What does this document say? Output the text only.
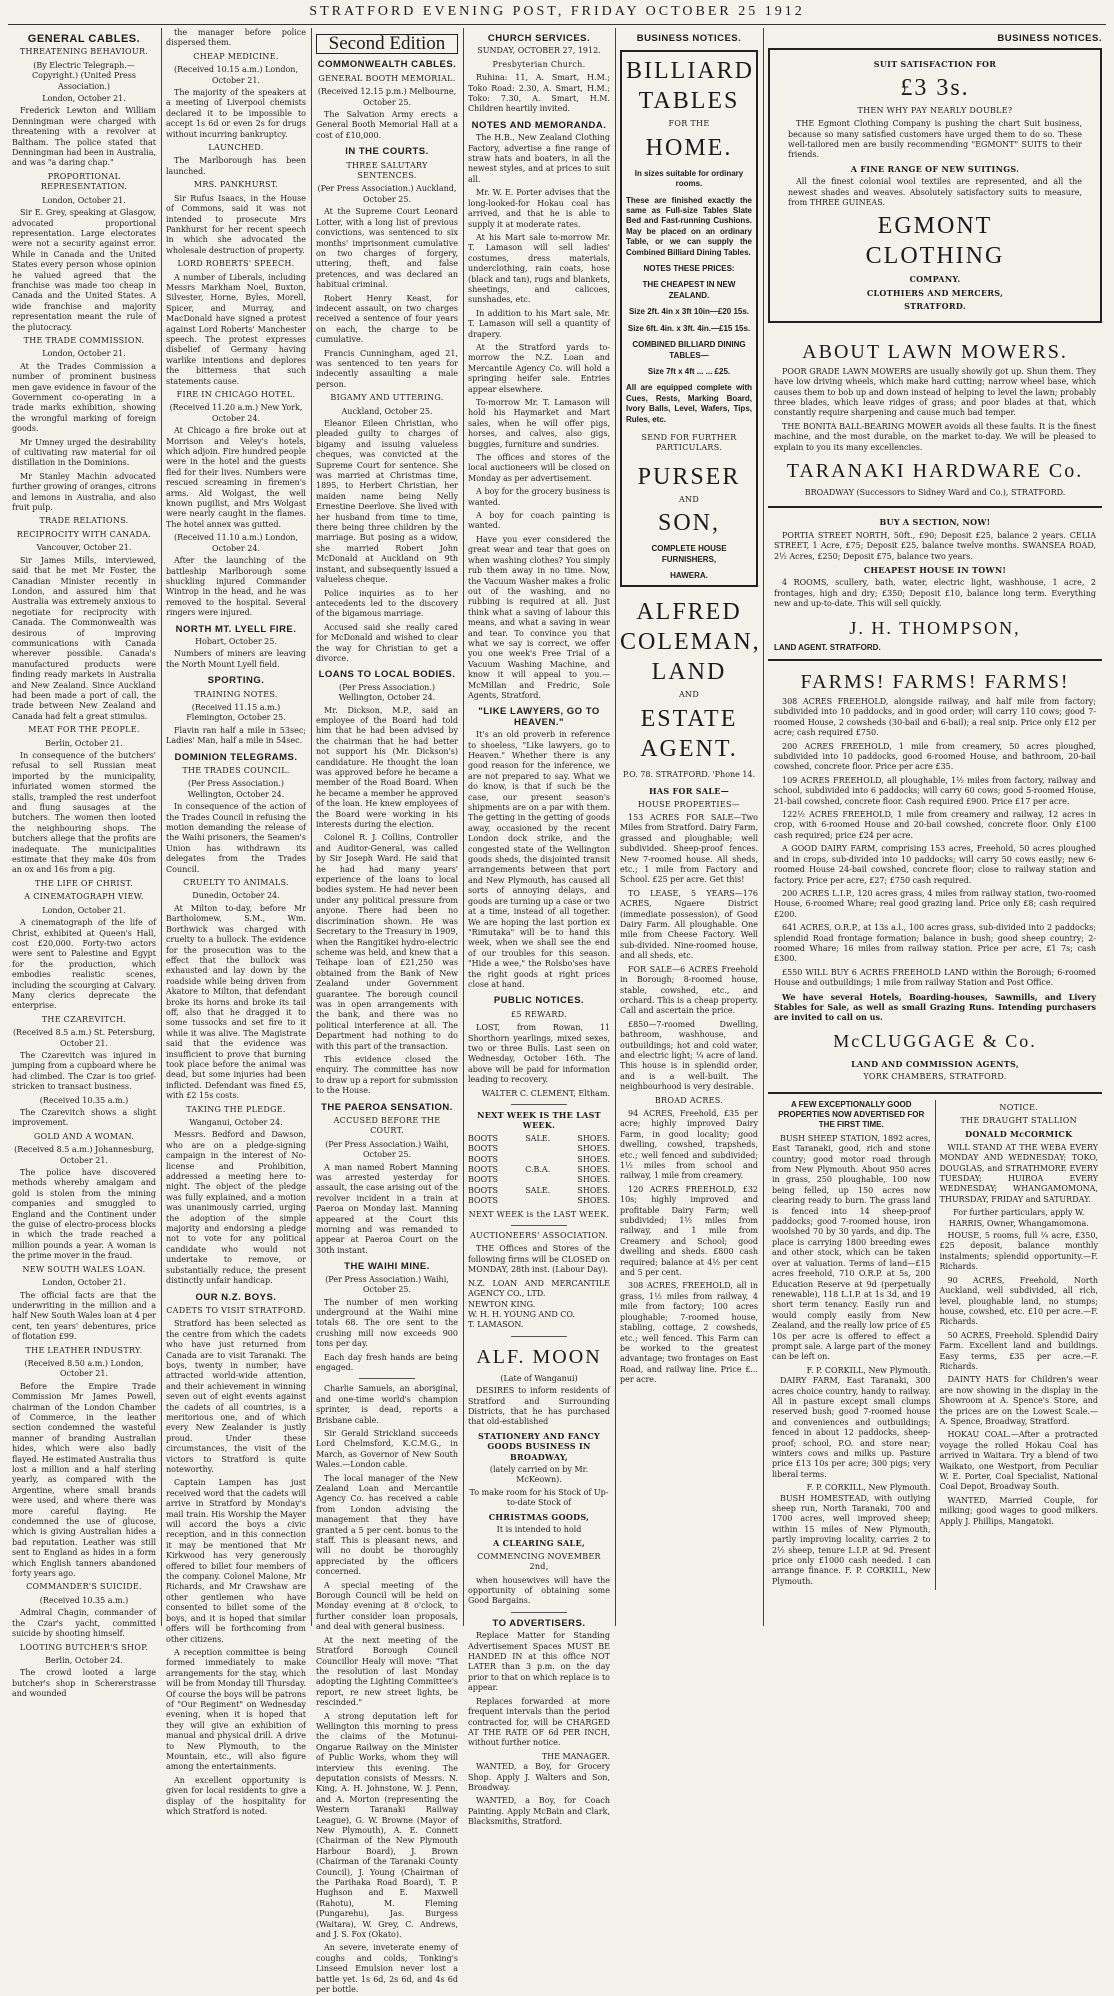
STRATFORD EVENING POST, FRIDAY OCTOBER 25 1912
GENERAL CABLES.
THREATENING BEHAVIOUR.
(By Electric Telegraph.—Copyright.) (United Press Association.)
London, October 21.

Frederick Lewton and William Denningman were charged with threatening with a revolver at Baltham. The police stated that Denningman had been in Australia, and was "a daring chap."

PROPORTIONAL REPRESENTATION.
London, October 21.

Sir E. Grey, speaking at Glasgow, advocated proportional representation. Large electorates were not a security against error. While in Canada and the United States every person whose opinion he valued agreed that the franchise was made too cheap in Canada and the United States. A wide franchise and majority representation meant the rule of the plutocracy.

THE TRADE COMMISSION.
London, October 21.

At the Trades Commission a number of prominent business men gave evidence in favour of the Government co-operating in a trade marks exhibition, showing the wrongful marking of foreign goods.

Mr Umney urged the desirability of cultivating raw material for oil distillation in the Dominions.

Mr Stanley Machin advocated further growing of oranges, citrons and lemons in Australia, and also fruit pulp.

TRADE RELATIONS.
RECIPROCITY WITH CANADA.
Vancouver, October 21.

Sir James Mills, interviewed, said that he met Mr Foster, the Canadian Minister recently in London, and assured him that Australia was extremely anxious to negotiate for reciprocity with Canada. The Commonwealth was desirous of improving communications with Canada wherever possible. Canada's manufactured products were finding ready markets in Australia and New Zealand. Since Auckland had been made a port of call, the trade between New Zealand and Canada had felt a great stimulus.

MEAT FOR THE PEOPLE.
Berlin, October 21.

In consequence of the butchers' refusal to sell Russian meat imported by the municipality, infuriated women stormed the stalls, trampled the rest underfoot and flung sausages at the butchers. The women then looted the neighbouring shops. The butchers allege that the profits are inadequate. The municipalities estimate that they make 40s from an ox and 16s from a pig.

THE LIFE OF CHRIST.
A CINEMATOGRAPH VIEW.
London, October 21.

A cinematograph of the life of Christ, exhibited at Queen's Hall, cost £20,000. Forty-two actors were sent to Palestine and Egypt for the production, which embodies realistic scenes, including the scourging at Calvary. Many clerics deprecate the enterprise.

THE CZAREVITCH.
(Received 8.5 a.m.) St. Petersburg, October 21.

The Czarevitch was injured in jumping from a cupboard where he had climbed. The Czar is too grief-stricken to transact business.

(Received 10.35 a.m.)

The Czarevitch shows a slight improvement.

GOLD AND A WOMAN.
(Received 8.5 a.m.) Johannesburg, October 21.

The police have discovered methods whereby amalgam and gold is stolen from the mining companies and smuggled to England and the Continent under the guise of electro-process blocks in which the trade reached a million pounds a year. A woman is the prime mover in the fraud.

NEW SOUTH WALES LOAN.
London, October 21.

The official facts are that the underwriting in the million and a half New South Wales loan at 4 per cent, ten years' debentures, price of flotation £99.

THE LEATHER INDUSTRY.
(Received 8.50 a.m.) London, October 21.

Before the Empire Trade Commission Mr James Powell, chairman of the London Chamber of Commerce, in the leather section condemned the wasteful manner of branding Australian hides, which were also badly flayed. He estimated Australia thus lost a million and a half sterling yearly, as compared with the Argentine, where small brands were used, and where there was more careful flaying. He condemned the use of glucose, which is giving Australian hides a bad reputation. Leather was still sent to England as hides in a form which English tanners abandoned forty years ago.

COMMANDER'S SUICIDE.
(Received 10.35 a.m.)

Admiral Chagin, commander of the Czar's yacht, committed suicide by shooting himself.

LOOTING BUTCHER'S SHOP.
Berlin, October 24.

The crowd looted a large butcher's shop in Schererstrasse and wounded

the manager before police dispersed them.

CHEAP MEDICINE.
(Received 10.15 a.m.) London, October 21.

The majority of the speakers at a meeting of Liverpool chemists declared it to be impossible to accept 1s 6d or even 2s for drugs without incurring bankruptcy.

LAUNCHED.

The Marlborough has been launched.

MRS. PANKHURST.

Sir Rufus Isaacs, in the House of Commons, said it was not intended to prosecute Mrs Pankhurst for her recent speech in which she advocated the wholesale destruction of property.

LORD ROBERTS' SPEECH.

A number of Liberals, including Messrs Markham Noel, Buxton, Silvester, Horne, Byles, Morell, Spicer, and Murray, and MacDonald have signed a protest against Lord Roberts' Manchester speech. The protest expresses disbelief of Germany having warlike intentions and deplores the bitterness that such statements cause.

FIRE IN CHICAGO HOTEL.
(Received 11.20 a.m.) New York, October 24.

At Chicago a fire broke out at Morrison and Veley's hotels, which adjoin. Fire hundred people were in the hotel and the guests fled for their lives. Numbers were rescued screaming in firemen's arms. Ald Wolgast, the well known pugilist, and Mrs Wolgast were nearly caught in the flames. The hotel annex was gutted.

(Received 11.10 a.m.) London, October 24.

After the launching of the battleship Marlborough some shuckling injured Commander Wintrop in the head, and he was removed to the hospital. Several ringers were injured.

NORTH MT. LYELL FIRE.
Hobart, October 25.

Numbers of miners are leaving the North Mount Lyell field.

SPORTING.
TRAINING NOTES.
(Received 11.15 a.m.) Flemington, October 25.

Flavin ran half a mile in 53sec; Ladies' Man, half a mile in 54sec.

DOMINION TELEGRAMS.
THE TRADES COUNCIL.
(Per Press Association.) Wellington, October 24.

In consequence of the action of the Trades Council in refusing the motion demanding the release of the Waihi prisoners, the Seamen's Union has withdrawn its delegates from the Trades Council.

CRUELTY TO ANIMALS.
Dunedin, October 24.

At Milton to-day, before Mr Bartholomew, S.M., Wm. Borthwick was charged with cruelty to a bullock. The evidence for the prosecution was to the effect that the bullock was exhausted and lay down by the roadside while being driven from Akatore to Milton, that defendant broke its horns and broke its tail off, also that he dragged it to some tussocks and set fire to it while it was alive. The Magistrate said that the evidence was insufficient to prove that burning took place before the animal was dead, but some injuries had been inflicted. Defendant was fined £5, with £2 15s costs.

TAKING THE PLEDGE.
Wanganui, October 24.

Messrs. Bedford and Dawson, who are on a pledge-signing campaign in the interest of No-license and Prohibition, addressed a meeting here to-night. The object of the pledge was fully explained, and a motion was unanimously carried, urging the adoption of the simple majority and endorsing a pledge not to vote for any political candidate who would not undertake to remove, or substantially reduce, the present distinctly unfair handicap.

OUR N.Z. BOYS.
CADETS TO VISIT STRATFORD.

Stratford has been selected as the centre from which the cadets who have just returned from Canada are to visit Taranaki. The boys, twenty in number, have attracted world-wide attention, and their achievement in winning seven out of eight events against the cadets of all countries, is a meritorious one, and of which every New Zealander is justly proud. Under these circumstances, the visit of the victors to Stratford is quite noteworthy.

Captain Lampen has just received word that the cadets will arrive in Stratford by Monday's mail train. His Worship the Mayer will accord the boys a civic reception, and in this connection it may be mentioned that Mr Kirkwood has very generously offered to billet four members of the company. Colonel Malone, Mr Richards, and Mr Crawshaw are other gentlemen who have consented to billet some of the boys, and it is hoped that similar offers will be forthcoming from other citizens.

A reception committee is being formed immediately to make arrangements for the stay, which will be from Monday till Thursday. Of course the boys will be patrons of "Our Regiment" on Wednesday evening, when it is hoped that they will give an exhibition of manual and physical drill. A drive to New Plymouth, to the Mountain, etc., will also figure among the entertainments.

An excellent opportunity is given for local residents to give a display of the hospitality for which Stratford is noted.

Second Edition
COMMONWEALTH CABLES.
GENERAL BOOTH MEMORIAL.
(Received 12.15 p.m.) Melbourne, October 25.

The Salvation Army erects a General Booth Memorial Hall at a cost of £10,000.

IN THE COURTS.
THREE SALUTARY SENTENCES.
(Per Press Association.) Auckland, October 25.

At the Supreme Court Leonard Lotter, with a long list of previous convictions, was sentenced to six months' imprisonment cumulative on two charges of forgery, uttering, theft, and false pretences, and was declared an habitual criminal.

Robert Henry Keast, for indecent assault, on two charges received a sentence of four years on each, the charge to be cumulative.

Francis Cunningham, aged 21, was sentenced to ten years for indecently assaulting a male person.

BIGAMY AND UTTERING.
Auckland, October 25.

Eleanor Eileen Christian, who pleaded guilty to charges of bigamy and issuing valueless cheques, was convicted at the Supreme Court for sentence. She was married at Christmas time, 1895, to Herbert Christian, her maiden name being Nelly Ernestine Deerlove. She lived with her husband from time to time, there being three children by the marriage. But posing as a widow, she married Robert John McDonald at Auckland on 9th instant, and subsequently issued a valueless cheque.

Police inquiries as to her antecedents led to the discovery of the bigamous marriage.

Accused said she really cared for McDonald and wished to clear the way for Christian to get a divorce.

LOANS TO LOCAL BODIES.
(Per Press Association.) Wellington, October 24.

Mr. Dickson, M.P., said an employee of the Board had told him that he had been advised by the chairman that he had better not support his (Mr. Dickson's) candidature. He thought the loan was approved before he became a member of the Road Board. When he became a member he approved of the loan. He knew employees of the Board were working in his interests during the election.

Colonel R. J. Collins, Controller and Auditor-General, was called by Sir Joseph Ward. He said that he had had many years' experience of the loans to local bodies system. He had never been under any political pressure from anyone. There had been no discrimination shown. He was Secretary to the Treasury in 1909, when the Rangitikei hydro-electric scheme was held, and knew that a Teihape loan of £21,250 was obtained from the Bank of New Zealand under Government guarantee. The borough council was in open arrangements with the bank, and there was no political interference at all. The Department had nothing to do with this part of the transaction.

This evidence closed the enquiry. The committee has now to draw up a report for submission to the House.

THE PAEROA SENSATION.
ACCUSED BEFORE THE COURT.
(Per Press Association.) Waihi, October 25.

A man named Robert Manning was arrested yesterday for assault, the case arising out of the revolver incident in a train at Paeroa on Monday last. Manning appeared at the Court this morning and was remanded to appear at Paeroa Court on the 30th instant.

THE WAIHI MINE.
(Per Press Association.) Waihi, October 25.

The number of men working underground at the Waihi mine totals 68. The ore sent to the crushing mill now exceeds 900 tons per day.

Each day fresh hands are being engaged.

Charlie Samuels, an aboriginal, and one-time world's champion sprinter, is dead, reports a Brisbane cable.

Sir Gerald Strickland succeeds Lord Chelmsford, K.C.M.G., in March, as Governor of New South Wales.—London cable.

The local manager of the New Zealand Loan and Mercantile Agency Co. has received a cable from London advising the management that they have granted a 5 per cent. bonus to the staff. This is pleasant news, and will no doubt be thoroughly appreciated by the officers concerned.

A special meeting of the Borough Council will be held on Monday evening at 8 o'clock, to further consider loan proposals, and deal with general business.

At the next meeting of the Stratford Borough Council Councillor Healy will move: "That the resolution of last Monday adopting the Lighting Committee's report, re new street lights, be rescinded."

A strong deputation left for Wellington this morning to press the claims of the Motunui-Ongarue Railway on the Minister of Public Works, whom they will interview this evening. The deputation consists of Messrs. N. King, A. H. Johnstone, W. J. Penn, and A. Morton (representing the Western Taranaki Railway League), G. W. Browne (Mayor of New Plymouth), A. E. Connett (Chairman of the New Plymouth Harbour Board), J. Brown (Chairman of the Taranaki County Council), J. Young (Chairman of the Parihaka Road Board), T. P. Hughson and E. Maxwell (Rahotu), M. Fleming (Pungarehu), Jas. Burgess (Waitara), W. Grey, C. Andrews, and J. S. Fox (Okato).

An severe, inveterate enemy of coughs and colds, Tonking's Linseed Emulsion never lost a battle yet. 1s 6d, 2s 6d, and 4s 6d per bottle.

CHURCH SERVICES.
SUNDAY, OCTOBER 27, 1912.
Presbyterian Church.

Ruhina: 11, A. Smart, H.M.; Toko Road: 2.30, A. Smart, H.M.; Toko: 7.30, A. Smart, H.M. Children heartily invited.

NOTES AND MEMORANDA.

The H.B., New Zealand Clothing Factory, advertise a fine range of straw hats and boaters, in all the newest styles, and at prices to suit all.

Mr. W. E. Porter advises that the long-looked-for Hokau coal has arrived, and that he is able to supply it at moderate rates.

At his Mart sale to-morrow Mr. T. Lamason will sell ladies' costumes, dress materials, underclothing, rain coats, hose (black and tan), rugs and blankets, sheetings, and calicoes, sunshades, etc.

In addition to his Mart sale, Mr. T. Lamason will sell a quantity of drapery.

At the Stratford yards to-morrow the N.Z. Loan and Mercantile Agency Co. will hold a springing heifer sale. Entries appear elsewhere.

To-morrow Mr. T. Lamason will hold his Haymarket and Mart sales, when he will offer pigs, horses, and calves, also gigs, buggies, furniture and sundries.

The offices and stores of the local auctioneers will be closed on Monday as per advertisement.

A boy for the grocery business is wanted.

A boy for coach painting is wanted.

Have you ever considered the great wear and tear that goes on when washing clothes? You simply rub them away in no time. Now, the Vacuum Washer makes a frolic out of the washing, and no rubbing is required at all. Just think what a saving of labour this means, and what a saving in wear and tear. To convince you that what we say is correct, we offer you one week's Free Trial of a Vacuum Washing Machine, and know it will appeal to you.—McMillan and Fredric, Sole Agents, Stratford.

"LIKE LAWYERS, GO TO HEAVEN."

It's an old proverb in reference to shoeless, "Like lawyers, go to Heaven." Whether there is any good reason for the inference, we are not prepared to say. What we do know, is that if such be the case, our present season's shipments are on a par with them. The getting in the getting of goods away, occasioned by the recent London dock strike, and the congested state of the Wellington goods sheds, the disjointed transit arrangements between that port and New Plymouth, has caused all sorts of annoying delays, and goods are turning up a case or two at a time, instead of all together. We are hoping the last portion ex "Rimutaka" will be to hand this week, when we shall see the end of our troubles for this season. "Hide a wee," the Rolsbo'ses have the right goods at right prices close at hand.

PUBLIC NOTICES.
£5 REWARD.

LOST, from Rowan, 11 Shorthorn yearlings, mixed sexes, two or three Bulls. Last seen on Wednesday, October 16th. The above will be paid for information leading to recovery.

WALTER C. CLEMENT, Eltham.
NEXT WEEK IS THE LAST WEEK.
BOOTS	SALE.	SHOES.
BOOTS	SHOES.
BOOTS	SHOES.
BOOTS	C.B.A.	SHOES.
BOOTS	SHOES.
BOOTS	SALE.	SHOES.
BOOTS	SHOES.
NEXT WEEK is the LAST WEEK.
AUCTIONEERS' ASSOCIATION.

THE Offices and Stores of the following firms will be CLOSED on MONDAY, 28th inst. (Labour Day).

N.Z. LOAN AND MERCANTILE AGENCY CO., LTD.
NEWTON KING.
W. H. H. YOUNG AND CO.
T. LAMASON.
ALF. MOON
(Late of Wanganui)

DESIRES to inform residents of Stratford and Surrounding Districts, that he has purchased that old-established

STATIONERY AND FANCY GOODS BUSINESS IN BROADWAY,
(lately carried on by Mr. McKeown).
To make room for his Stock of Up-to-date Stock of
CHRISTMAS GOODS,
It is intended to hold
A CLEARING SALE,
COMMENCING NOVEMBER 2nd,

when housewives will have the opportunity of obtaining some Good Bargains.

TO ADVERTISERS.

Replace Matter for Standing Advertisement Spaces MUST BE HANDED IN at this office NOT LATER than 3 p.m. on the day prior to that on which replace is to appear.

Replaces forwarded at more frequent intervals than the period contracted for, will be CHARGED AT THE RATE OF 6d PER INCH, without further notice.

THE MANAGER.

WANTED, a Boy, for Grocery Shop. Apply J. Walters and Son, Broadway.

WANTED, a Boy, for Coach Painting. Apply McBain and Clark, Blacksmiths, Stratford.

BUSINESS NOTICES.
BILLIARD
TABLES
FOR THE
HOME.
In sizes suitable for ordinary rooms.
These are finished exactly the same as Full-size Tables Slate Bed and Fast-running Cushions. May be placed on an ordinary Table, or we can supply the Combined Billiard Dining Tables.
NOTES THESE PRICES:
THE CHEAPEST IN NEW ZEALAND.
Size 2ft. 4in x 3ft 10in—£20 15s.
Size 6ft. 4in. x 3ft. 4in.—£15 15s.
COMBINED BILLIARD DINING TABLES—
Size 7ft x 4ft ... ... £25.
All are equipped complete with Cues, Rests, Marking Board, Ivory Balls, Level, Wafers, Tips, Rules, etc.
SEND FOR FURTHER PARTICULARS.
PURSER
AND
SON,
COMPLETE HOUSE FURNISHERS,
HAWERA.
ALFRED
COLEMAN,
LAND
AND
ESTATE
AGENT.
P.O. 78. STRATFORD. 'Phone 14.
HAS FOR SALE—
HOUSE PROPERTIES—

153 ACRES FOR SALE—Two Miles from Stratford. Dairy Farm, grassed and ploughable; well subdivided. Sheep-proof fences. New 7-roomed house. All sheds, etc.; 1 mile from Factory and School. £25 per acre. Get this!

TO LEASE, 5 YEARS—176 ACRES, Ngaere District (immediate possession), of Good Dairy Farm. All ploughable. One mile from Cheese Factory. Well sub-divided. Nine-roomed house, and all sheds, etc.

FOR SALE—6 ACRES Freehold in Borough; 8-roomed house, stable, cowshed, etc., and orchard. This is a cheap property. Call and ascertain the price.

£850—7-roomed Dwelling, bathroom, washhouse, and outbuildings; hot and cold water, and electric light; ¼ acre of land. This house is in splendid order, and is a well-built. The neighbourhood is very desirable.

BROAD ACRES.

94 ACRES, Freehold, £35 per acre; highly improved Dairy Farm, in good locality; good dwelling, cowshed, trapsheds, etc.; well fenced and subdivided; 1½ miles from school and railway, 1 mile from creamery.

120 ACRES FREEHOLD, £32 10s; highly improved and profitable Dairy Farm; well subdivided; 1½ miles from railway, and 1 mile from Creamery and School; good dwelling and sheds. £800 cash required; balance at 4½ per cent and 5 per cent.

308 ACRES, FREEHOLD, all in grass, 1½ miles from railway, 4 mile from factory; 100 acres ploughable; 7-roomed house, stabling, cottage, 2 cowsheds, etc.; well fenced. This Farm can be worked to the greatest advantage; two frontages on East Road, and railway line. Price £... per acre.

BUSINESS NOTICES.
SUIT SATISFACTION FOR
£3 3s.
THEN WHY PAY NEARLY DOUBLE?

THE Egmont Clothing Company is pushing the chart Suit business, because so many satisfied customers have urged them to do so. These well-tailored men are busily recommending "EGMONT" SUITS to their friends.

A FINE RANGE OF NEW SUITINGS.

All the finest colonial wool textiles are represented, and all the newest shades and weaves. Absolutely satisfactory suits to measure, from THREE GUINEAS.

EGMONT
CLOTHING
COMPANY.
CLOTHIERS AND MERCERS,
STRATFORD.
ABOUT LAWN MOWERS.

POOR GRADE LAWN MOWERS are usually showily got up. Shun them. They have low driving wheels, which make hard cutting; narrow wheel base, which causes them to bob up and down instead of helping to level the lawn; probably three blades, which leave ridges of grass; and poor blades at that, which constantly require sharpening and cause much bad temper.

THE BONITA BALL-BEARING MOWER avoids all these faults. It is the finest machine, and the most durable, on the market to-day. We will be pleased to explain to you its many excellencies.

TARANAKI HARDWARE Co.
BROADWAY (Successors to Sidney Ward and Co.), STRATFORD.
BUY A SECTION, NOW!

PORTIA STREET NORTH, 50ft., £90; Deposit £25, balance 2 years. CELIA STREET, 1 Acre, £75; Deposit £25, balance twelve months. SWANSEA ROAD, 2½ Acres, £250; Deposit £75, balance two years.

CHEAPEST HOUSE IN TOWN!

4 ROOMS, scullery, bath, water, electric light, washhouse, 1 acre, 2 frontages, high and dry; £350; Deposit £10, balance long term. Everything new and up-to-date. This will sell quickly.

J. H. THOMPSON,
LAND AGENT. STRATFORD.
FARMS! FARMS! FARMS!

308 ACRES FREEHOLD, alongside railway, and half mile from factory; subdivided into 10 paddocks, and in good order; will carry 110 cows; good 7-roomed House, 2 cowsheds (30-bail and 6-bail); a real snip. Price only £12 per acre; cash required £750.

200 ACRES FREEHOLD, 1 mile from creamery, 50 acres ploughed, subdivided into 10 paddocks, good 6-roomed House, and bathroom, 20-bail cowshed, concrete floor. Price per acre £35.

109 ACRES FREEHOLD, all ploughable, 1½ miles from factory, railway and school, subdivided into 6 paddocks; will carry 60 cows; good 5-roomed House, 21-bail cowshed, concrete floor. Cash required £900. Price £17 per acre.

122½ ACRES FREEHOLD, 1 mile from creamery and railway, 12 acres in crop, with 6-roomed House and 20-bail cowshed, concrete floor. Only £100 cash required; price £24 per acre.

A GOOD DAIRY FARM, comprising 153 acres, Freehold, 50 acres ploughed and in crops, sub-divided into 10 paddocks; will carry 50 cows easily; new 6-roomed House 24-bail cowshed, concrete floor; close to railway station and factory. Price per acre, £27; £750 cash required.

200 ACRES L.I.P., 120 acres grass, 4 miles from railway station, two-roomed House, 6-roomed Whare; real good grazing land. Price only £8; cash required £200.

641 ACRES, O.R.P., at 13s a.l., 100 acres grass, sub-divided into 2 paddocks; splendid Road frontage formation; balance in bush; good sheep country; 2-roomed Whare; 16 miles from railway station. Price per acre, £1 7s; cash £300.

£550 WILL BUY 6 ACRES FREEHOLD LAND within the Borough; 6-roomed House and outbuildings; 1 mile from railway Station and Post Office.

We have several Hotels, Boarding-houses, Sawmills, and Livery Stables for Sale, as well as small Grazing Runs. Intending purchasers are invited to call on us.

McCLUGGAGE & Co.
LAND AND COMMISSION AGENTS,
YORK CHAMBERS, STRATFORD.
A FEW EXCEPTIONALLY GOOD PROPERTIES NOW ADVERTISED FOR THE FIRST TIME.

BUSH SHEEP STATION, 1892 acres, East Taranaki, good, rich and stone country; good motor road through from New Plymouth. About 950 acres in grass, 250 ploughable, 100 now being felled, up 150 acres now clearing ready to burn. The grass land is fenced into 14 sheep-proof paddocks; good 7-roomed house, iron woolshed 70 by 30 yards, and dip. The place is carrying 1800 breeding ewes and other stock, which can be taken over at valuation. Terms of land—£15 acres freehold, 710 O.R.P. at 5s, 200 Education Reserve at 9d (perpetually renewable), 118 L.I.P. at 1s 3d, and 19 short term tenancy. Easily run and would comply easily from New Zealand, and the really low price of £5 10s per acre is offered to effect a prompt sale. A large part of the money can be left on.

F. P. CORKILL, New Plymouth.

DAIRY FARM, East Taranaki, 300 acres choice country, handy to railway. All in pasture except small clumps reserved bush; good 7-roomed house and conveniences and outbuildings; fenced in about 12 paddocks, sheep-proof; school, P.O. and store near; winters cows and milks up. Pasture price £13 10s per acre; 300 pigs; very liberal terms.

F. P. CORKILL, New Plymouth.

BUSH HOMESTEAD, with outlying sheep run, North Taranaki, 700 and 1700 acres, well improved sheep; within 15 miles of New Plymouth, partly improving locality, carries 2 to 2½ sheep, tenure L.I.P. at 9d. Present price only £1000 cash needed. I can arrange finance. F. P. CORKILL, New Plymouth.

NOTICE.
THE DRAUGHT STALLION
DONALD McCORMICK

WILL STAND AT THE WEBA EVERY MONDAY AND WEDNESDAY; TOKO, DOUGLAS, and STRATHMORE EVERY TUESDAY; HUIROA EVERY WEDNESDAY; WHANGAMOMONA, THURSDAY, FRIDAY and SATURDAY.

For further particulars, apply W. HARRIS, Owner, Whangamomona.

HOUSE, 5 rooms, full ¼ acre, £350, £25 deposit, balance monthly instalments; splendid opportunity.—F. Richards.

90 ACRES, Freehold, North Auckland, well subdivided, all rich, level, ploughable land, no stumps; house, cowshed, etc. £10 per acre.—F. Richards.

50 ACRES, Freehold. Splendid Dairy Farm. Excellent land and buildings. Easy terms, £35 per acre.—F. Richards.

DAINTY HATS for Children's wear are now showing in the display in the Showroom at A. Spence's Store, and the prices are on the Lowest Scale.—A. Spence, Broadway, Stratford.

HOKAU COAL.—After a protracted voyage the rolled Hokau Coal has arrived in Waitara. Try a blend of two Waikato, one Westport, from Peculiar W. E. Porter, Coal Specialist, National Coal Depot, Broadway South.

WANTED, Married Couple, for milking; good wages to good milkers. Apply J. Phillips, Mangatoki.
